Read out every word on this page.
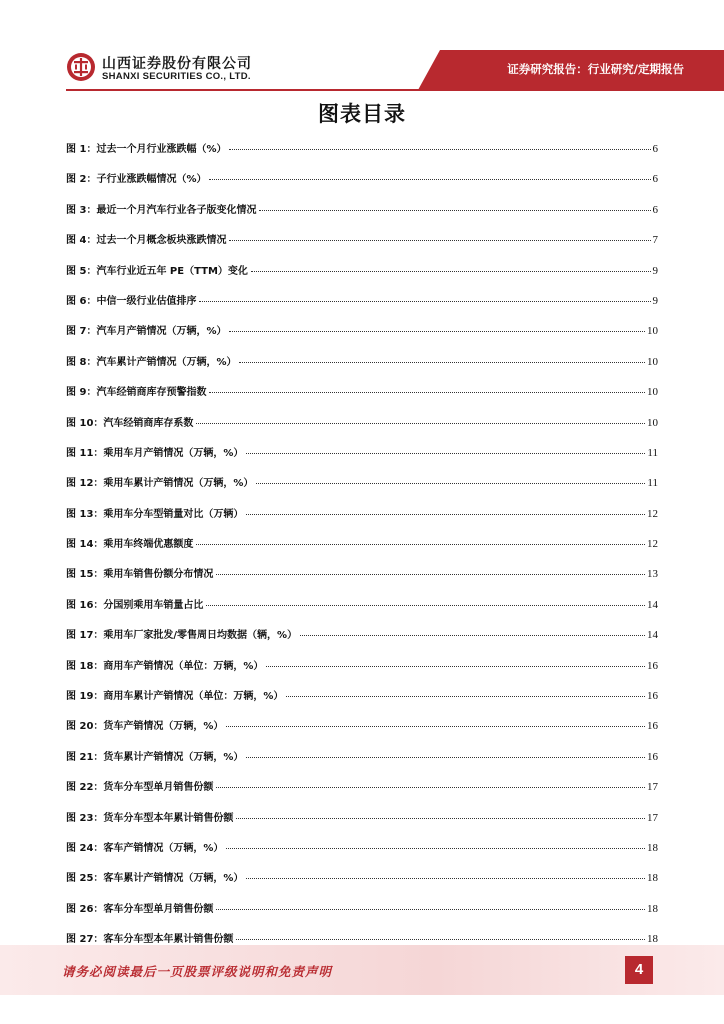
山西证券股份有限公司
SHANXI SECURITIES CO., LTD.
证券研究报告：行业研究/定期报告
图表目录
图 1：过去一个月行业涨跌幅（%）	6
图 2：子行业涨跌幅情况（%）	6
图 3：最近一个月汽车行业各子版变化情况	6
图 4：过去一个月概念板块涨跌情况	7
图 5：汽车行业近五年 PE（TTM）变化	9
图 6：中信一级行业估值排序	9
图 7：汽车月产销情况（万辆，%）	10
图 8：汽车累计产销情况（万辆，%）	10
图 9：汽车经销商库存预警指数	10
图 10：汽车经销商库存系数	10
图 11：乘用车月产销情况（万辆，%）	11
图 12：乘用车累计产销情况（万辆，%）	11
图 13：乘用车分车型销量对比（万辆）	12
图 14：乘用车终端优惠额度	12
图 15：乘用车销售份额分布情况	13
图 16：分国别乘用车销量占比	14
图 17：乘用车厂家批发/零售周日均数据（辆，%）	14
图 18：商用车产销情况（单位：万辆，%）	16
图 19：商用车累计产销情况（单位：万辆，%）	16
图 20：货车产销情况（万辆，%）	16
图 21：货车累计产销情况（万辆，%）	16
图 22：货车分车型单月销售份额	17
图 23：货车分车型本年累计销售份额	17
图 24：客车产销情况（万辆，%）	18
图 25：客车累计产销情况（万辆，%）	18
图 26：客车分车型单月销售份额	18
图 27：客车分车型本年累计销售份额	18
请务必阅读最后一页股票评级说明和免责声明	4
